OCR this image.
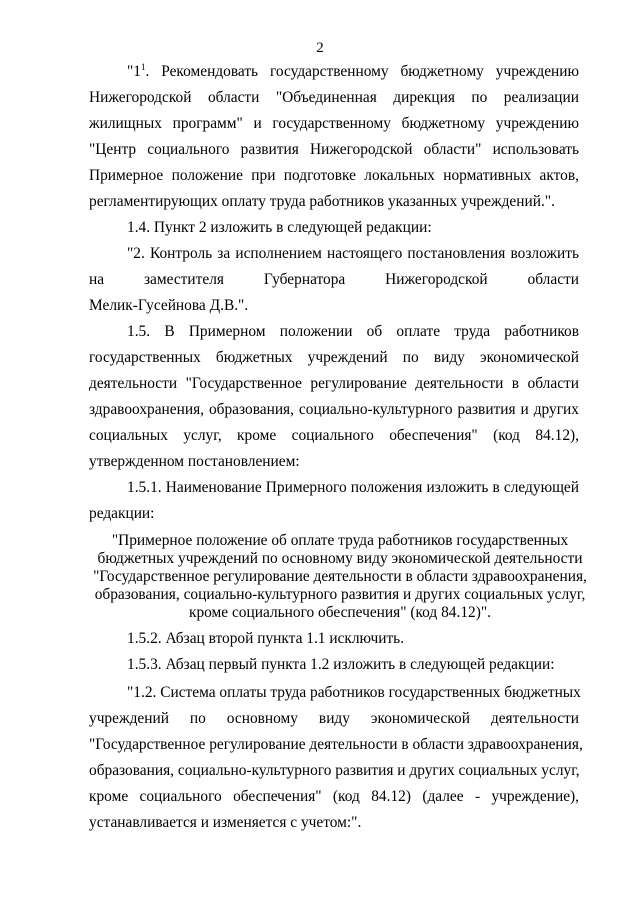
2
"$1^1$. Рекомендовать государственному бюджетному учреждению
Нижегородской области "Объединенная дирекция по реализации
жилищных программ" и государственному бюджетному учреждению
"Центр социального развития Нижегородской области" использовать
Примерное положение при подготовке локальных нормативных актов,
регламентирующих оплату труда работников указанных учреждений.".
1.4. Пункт 2 изложить в следующей редакции:
"2. Контроль за исполнением настоящего постановления возложить
на заместителя Губернатора Нижегородской области
Мелик-Гусейнова Д.В.".
1.5. В Примерном положении об оплате труда работников
государственных бюджетных учреждений по виду экономической
деятельности "Государственное регулирование деятельности в области
здравоохранения, образования, социально-культурного развития и других
социальных услуг, кроме социального обеспечения" (код 84.12),
утвержденном постановлением:
1.5.1. Наименование Примерного положения изложить в следующей
редакции:
"Примерное положение об оплате труда работников государственных
бюджетных учреждений по основному виду экономической деятельности
"Государственное регулирование деятельности в области здравоохранения,
образования, социально-культурного развития и других социальных услуг,
кроме социального обеспечения" (код 84.12)".
1.5.2. Абзац второй пункта 1.1 исключить.
1.5.3. Абзац первый пункта 1.2 изложить в следующей редакции:
"1.2. Система оплаты труда работников государственных бюджетных
учреждений по основному виду экономической деятельности
"Государственное регулирование деятельности в области здравоохранения,
образования, социально-культурного развития и других социальных услуг,
кроме социального обеспечения" (код 84.12) (далее - учреждение),
устанавливается и изменяется с учетом:".
